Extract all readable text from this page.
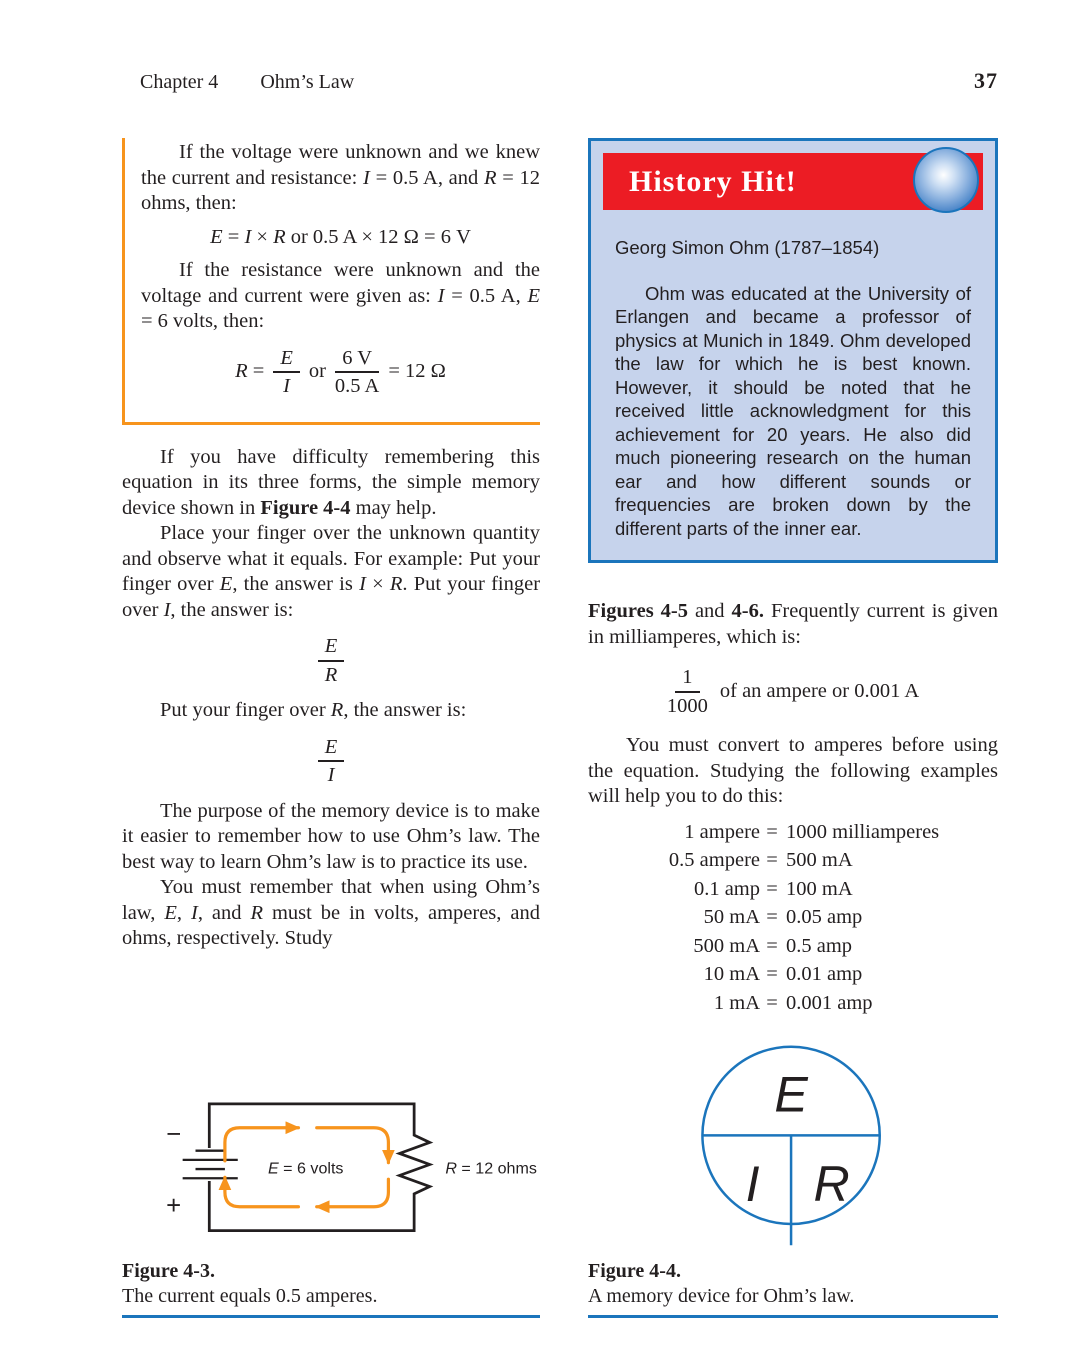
Chapter 4 Ohm’s Law	37

If the voltage were unknown and we knew the current and resistance: I = 0.5 A, and R = 12 ohms, then:

E = I × R or 0.5 A × 12 Ω = 6 V

If the resistance were unknown and the voltage and current were given as: I = 0.5 A, E = 6 volts, then:

$R = \frac{E}{I}$ or $\frac{6 V}{0.5 A} = 12$ Ω

If you have difficulty remembering this equation in its three forms, the simple memory device shown in Figure 4-4 may help.

Place your finger over the unknown quantity and observe what it equals. For example: Put your finger over E, the answer is I × R. Put your finger over I, the answer is:

$\frac{E}{R}$

Put your finger over R, the answer is:

$\frac{E}{I}$

The purpose of the memory device is to make it easier to remember how to use Ohm’s law. The best way to learn Ohm’s law is to practice its use.

You must remember that when using Ohm’s law, E, I, and R must be in volts, amperes, and ohms, respectively. Study

−
+
E = 6 volts	R = 12 ohms
Figure 4-3.
The current equals 0.5 amperes.
History Hit!
Georg Simon Ohm (1787–1854)

Ohm was educated at the University of Erlangen and became a professor of physics at Munich in 1849. Ohm developed the law for which he is best known. However, it should be noted that he received little acknowledgment for this achievement for 20 years. He also did much pioneering research on the human ear and how different sounds or frequencies are broken down by the different parts of the inner ear.

Figures 4-5 and 4-6. Frequently current is given in milliamperes, which is:

$\frac{1}{1000}$ of an ampere or 0.001 A

You must convert to amperes before using the equation. Studying the following examples will help you to do this:

1 ampere = 1000 milliamperes
0.5 ampere = 500 mA
0.1 amp = 100 mA
50 mA = 0.05 amp
500 mA = 0.5 amp
10 mA = 0.01 amp
1 mA = 0.001 amp
E
I R
Figure 4-4.
A memory device for Ohm’s law.
